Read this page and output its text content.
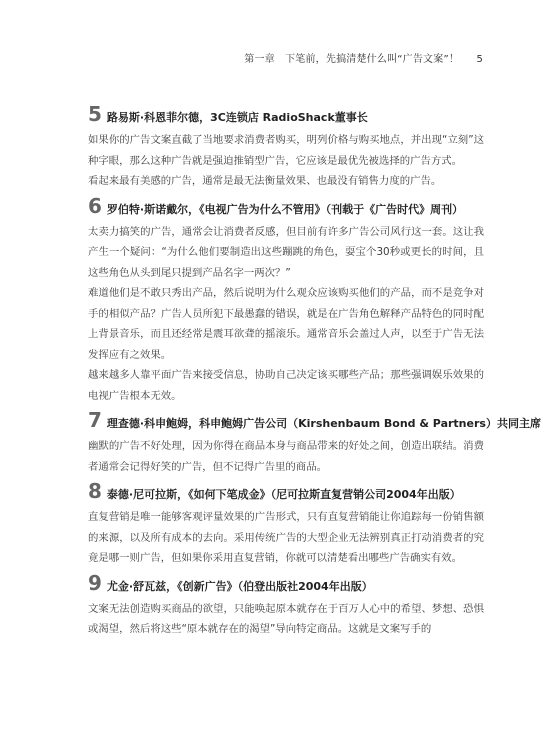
第一章　下笔前，先搞清楚什么叫“广告文案”！ 5
5 路易斯·科恩菲尔德，3C连锁店 RadioShack董事长

如果你的广告文案直截了当地要求消费者购买，明列价格与购买地点，并出现“立刻”这种字眼，那么这种广告就是强迫推销型广告，它应该是最优先被选择的广告方式。

看起来最有美感的广告，通常是最无法衡量效果、也最没有销售力度的广告。

6 罗伯特·斯诺戴尔，《电视广告为什么不管用》（刊载于《广告时代》周刊）

太卖力搞笑的广告，通常会让消费者反感，但目前有许多广告公司风行这一套。这让我产生一个疑问：“为什么他们要制造出这些蹦跳的角色，耍宝个30秒或更长的时间，且这些角色从头到尾只提到产品名字一两次？”

难道他们是不敢只秀出产品，然后说明为什么观众应该购买他们的产品，而不是竞争对手的相似产品？广告人员所犯下最愚蠢的错误，就是在广告角色解释产品特色的同时配上背景音乐，而且还经常是震耳欲聋的摇滚乐。通常音乐会盖过人声，以至于广告无法发挥应有之效果。

越来越多人靠平面广告来接受信息，协助自己决定该买哪些产品；那些强调娱乐效果的电视广告根本无效。

7 理查德·科申鲍姆，科申鲍姆广告公司（Kirshenbaum Bond & Partners）共同主席

幽默的广告不好处理，因为你得在商品本身与商品带来的好处之间，创造出联结。消费者通常会记得好笑的广告，但不记得广告里的商品。

8 泰德·尼可拉斯，《如何下笔成金》（尼可拉斯直复营销公司2004年出版）

直复营销是唯一能够客观评量效果的广告形式，只有直复营销能让你追踪每一份销售额的来源，以及所有成本的去向。采用传统广告的大型企业无法辨别真正打动消费者的究竟是哪一则广告，但如果你采用直复营销，你就可以清楚看出哪些广告确实有效。

9 尤金·舒瓦兹，《创新广告》（伯登出版社2004年出版）

文案无法创造购买商品的欲望，只能唤起原本就存在于百万人心中的希望、梦想、恐惧或渴望，然后将这些“原本就存在的渴望”导向特定商品。这就是文案写手的
